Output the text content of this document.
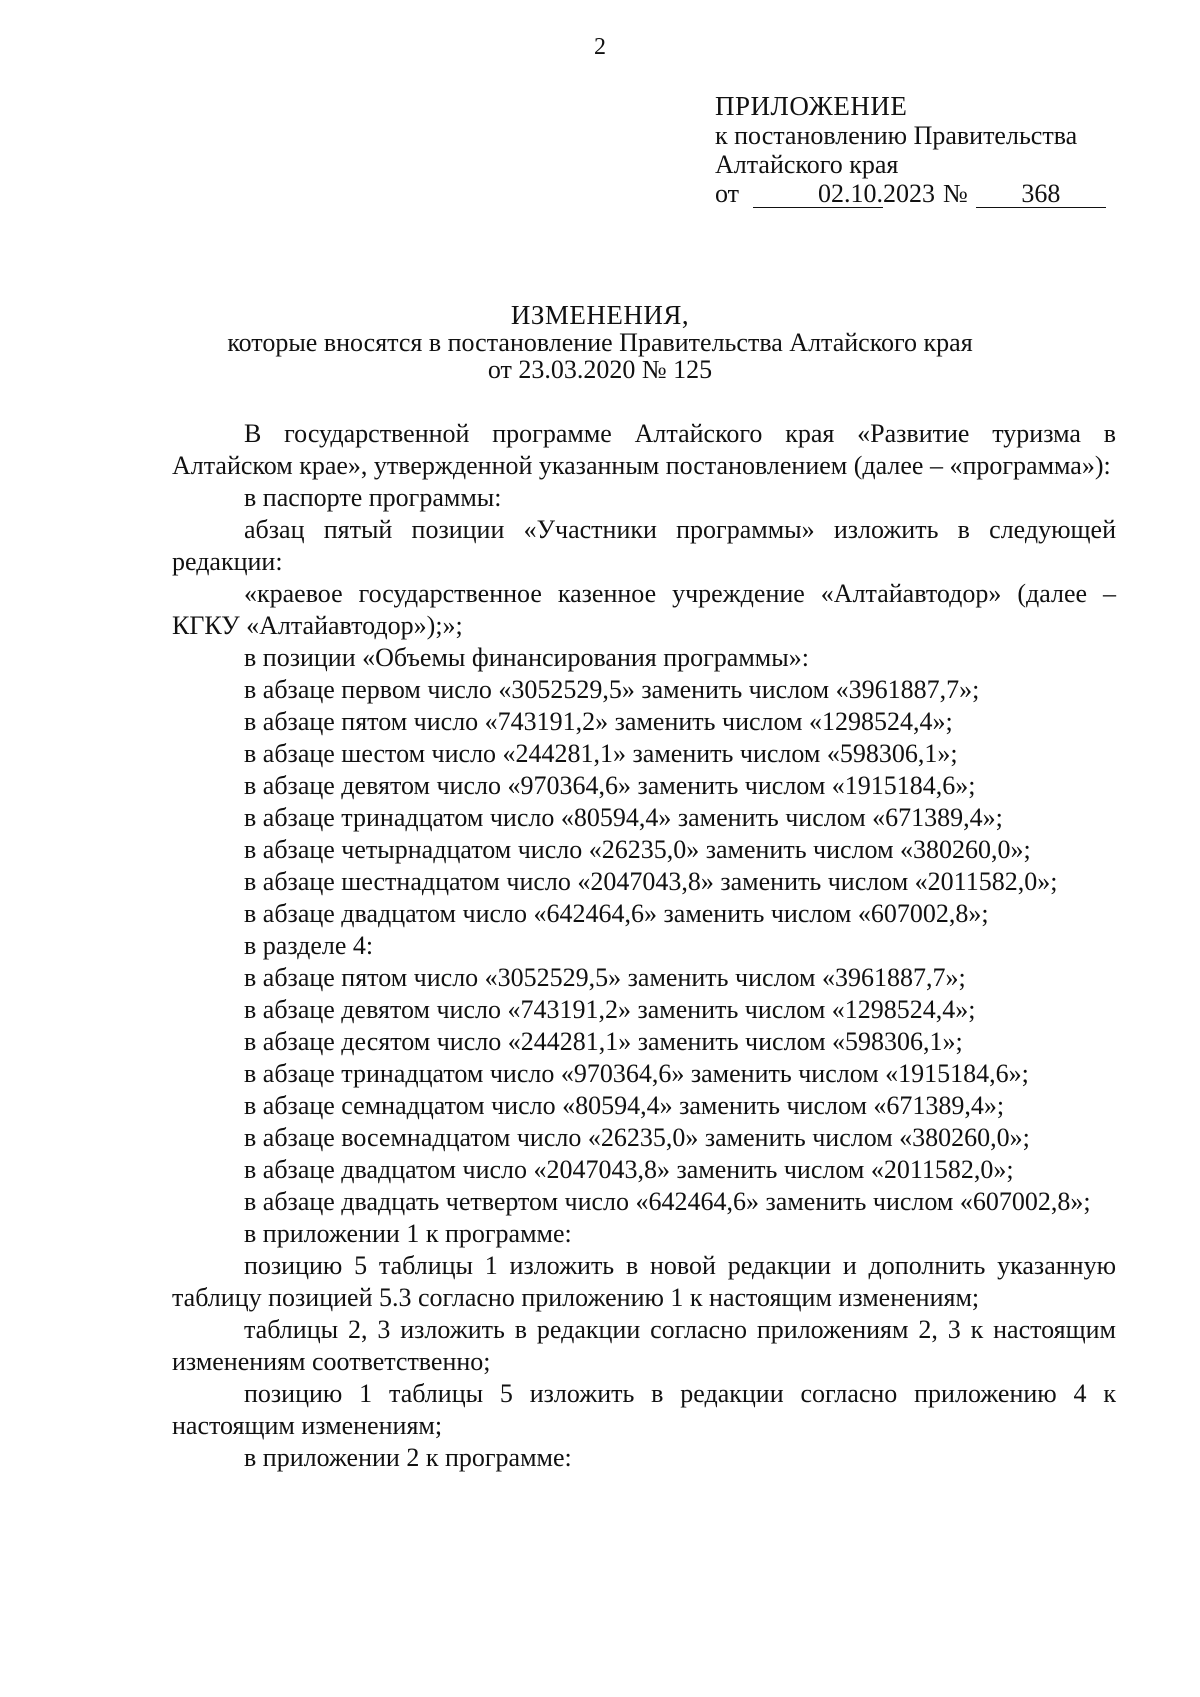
2
ПРИЛОЖЕНИЕ
к постановлению Правительства
Алтайского края
от	02.10. 2023 №	368
ИЗМЕНЕНИЯ,
которые вносятся в постановление Правительства Алтайского края
от 23.03.2020 № 125

В государственной программе Алтайского края «Развитие туризма в Алтайском крае», утвержденной указанным постановлением (далее – «программа»):

в паспорте программы:

абзац пятый позиции «Участники программы» изложить в следующей редакции:

«краевое государственное казенное учреждение «Алтайавтодор» (далее – КГКУ «Алтайавтодор»);»;

в позиции «Объемы финансирования программы»:

в абзаце первом число «3052529,5» заменить числом «3961887,7»;

в абзаце пятом число «743191,2» заменить числом «1298524,4»;

в абзаце шестом число «244281,1» заменить числом «598306,1»;

в абзаце девятом число «970364,6» заменить числом «1915184,6»;

в абзаце тринадцатом число «80594,4» заменить числом «671389,4»;

в абзаце четырнадцатом число «26235,0» заменить числом «380260,0»;

в абзаце шестнадцатом число «2047043,8» заменить числом «2011582,0»;

в абзаце двадцатом число «642464,6» заменить числом «607002,8»;

в разделе 4:

в абзаце пятом число «3052529,5» заменить числом «3961887,7»;

в абзаце девятом число «743191,2» заменить числом «1298524,4»;

в абзаце десятом число «244281,1» заменить числом «598306,1»;

в абзаце тринадцатом число «970364,6» заменить числом «1915184,6»;

в абзаце семнадцатом число «80594,4» заменить числом «671389,4»;

в абзаце восемнадцатом число «26235,0» заменить числом «380260,0»;

в абзаце двадцатом число «2047043,8» заменить числом «2011582,0»;

в абзаце двадцать четвертом число «642464,6» заменить числом «607002,8»;

в приложении 1 к программе:

позицию 5 таблицы 1 изложить в новой редакции и дополнить указанную таблицу позицией 5.3 согласно приложению 1 к настоящим изменениям;

таблицы 2, 3 изложить в редакции согласно приложениям 2, 3 к настоящим изменениям соответственно;

позицию 1 таблицы 5 изложить в редакции согласно приложению 4 к настоящим изменениям;

в приложении 2 к программе:
